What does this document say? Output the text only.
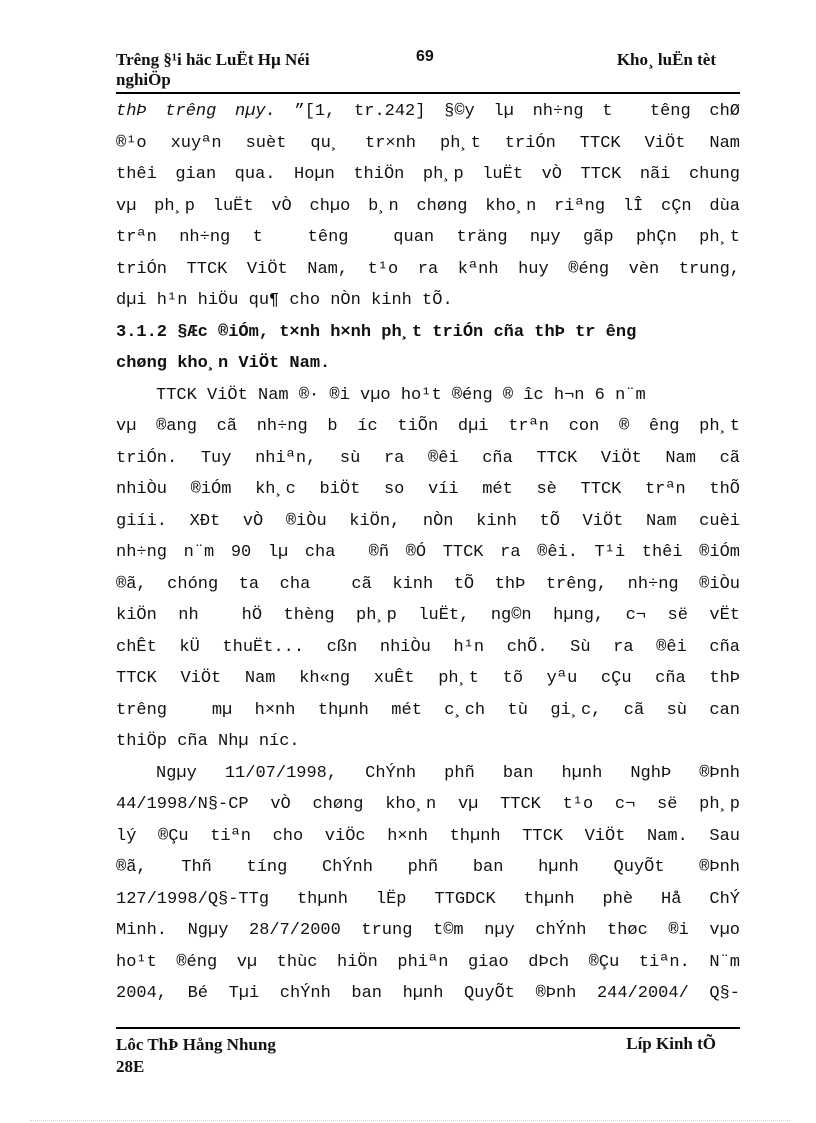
Trêng §¹i häc LuËt Hµ Néi
nghiÖp
69	Kho¸ luËn tèt
thÞ trêng nµy. ”[1, tr.242] §©y lµ nh÷ng t  têng chØ
®¹o xuyªn suèt qu¸ tr×nh ph¸t triÓn TTCK ViÖt Nam
thêi gian qua. Hoµn thiÖn ph¸p luËt vÒ TTCK nãi chung
vµ ph¸p luËt vÒ chµo b¸n chøng kho¸n riªng lÎ cÇn dùa
trªn nh÷ng t  têng  quan träng nµy gãp phÇn ph¸t
triÓn TTCK ViÖt Nam, t¹o ra kªnh huy ®éng vèn trung,
dµi h¹n hiÖu qu¶ cho nÒn kinh tÕ.
3.1.2 §Æc ®iÓm, t×nh h×nh ph¸t triÓn cña thÞ tr êng
chøng kho¸n ViÖt Nam.
TTCK ViÖt Nam ®· ®i vµo ho¹t ®éng ® îc h¬n 6 n¨m
vµ ®ang cã nh÷ng b íc tiÕn dµi trªn con ® êng ph¸t
triÓn. Tuy nhiªn, sù ra ®êi cña TTCK ViÖt Nam cã
nhiÒu ®iÓm kh¸c biÖt so víi mét sè TTCK trªn thÕ
giíi. XÐt vÒ ®iÒu kiÖn, nÒn kinh tÕ ViÖt Nam cuèi
nh÷ng n¨m 90 lµ cha  ®ñ ®Ó TTCK ra ®êi. T¹i thêi ®iÓm
®ã, chóng ta cha  cã kinh tÕ thÞ trêng, nh÷ng ®iÒu
kiÖn nh  hÖ thèng ph¸p luËt, ng©n hµng, c¬ së vËt
chÊt kÜ thuËt... cßn nhiÒu h¹n chÕ. Sù ra ®êi cña
TTCK ViÖt Nam kh«ng xuÊt ph¸t tõ yªu cÇu cña thÞ
trêng  mµ h×nh thµnh mét c¸ch tù gi¸c, cã sù can
thiÖp cña Nhµ níc.
Ngµy 11/07/1998, ChÝnh phñ ban hµnh NghÞ ®Þnh
44/1998/N§-CP vÒ chøng kho¸n vµ TTCK t¹o c¬ së ph¸p
lý ®Çu tiªn cho viÖc h×nh thµnh TTCK ViÖt Nam. Sau
®ã, Thñ tíng ChÝnh phñ ban hµnh QuyÕt ®Þnh
127/1998/Q§-TTg thµnh lËp TTGDCK thµnh phè Hå ChÝ
Minh. Ngµy 28/7/2000 trung t©m nµy chÝnh thøc ®i vµo
ho¹t ®éng vµ thùc hiÖn phiªn giao dÞch ®Çu tiªn. N¨m
2004, Bé Tµi chÝnh ban hµnh QuyÕt ®Þnh 244/2004/ Q§-
Lôc ThÞ Hång Nhung
28E
Líp Kinh tÕ
